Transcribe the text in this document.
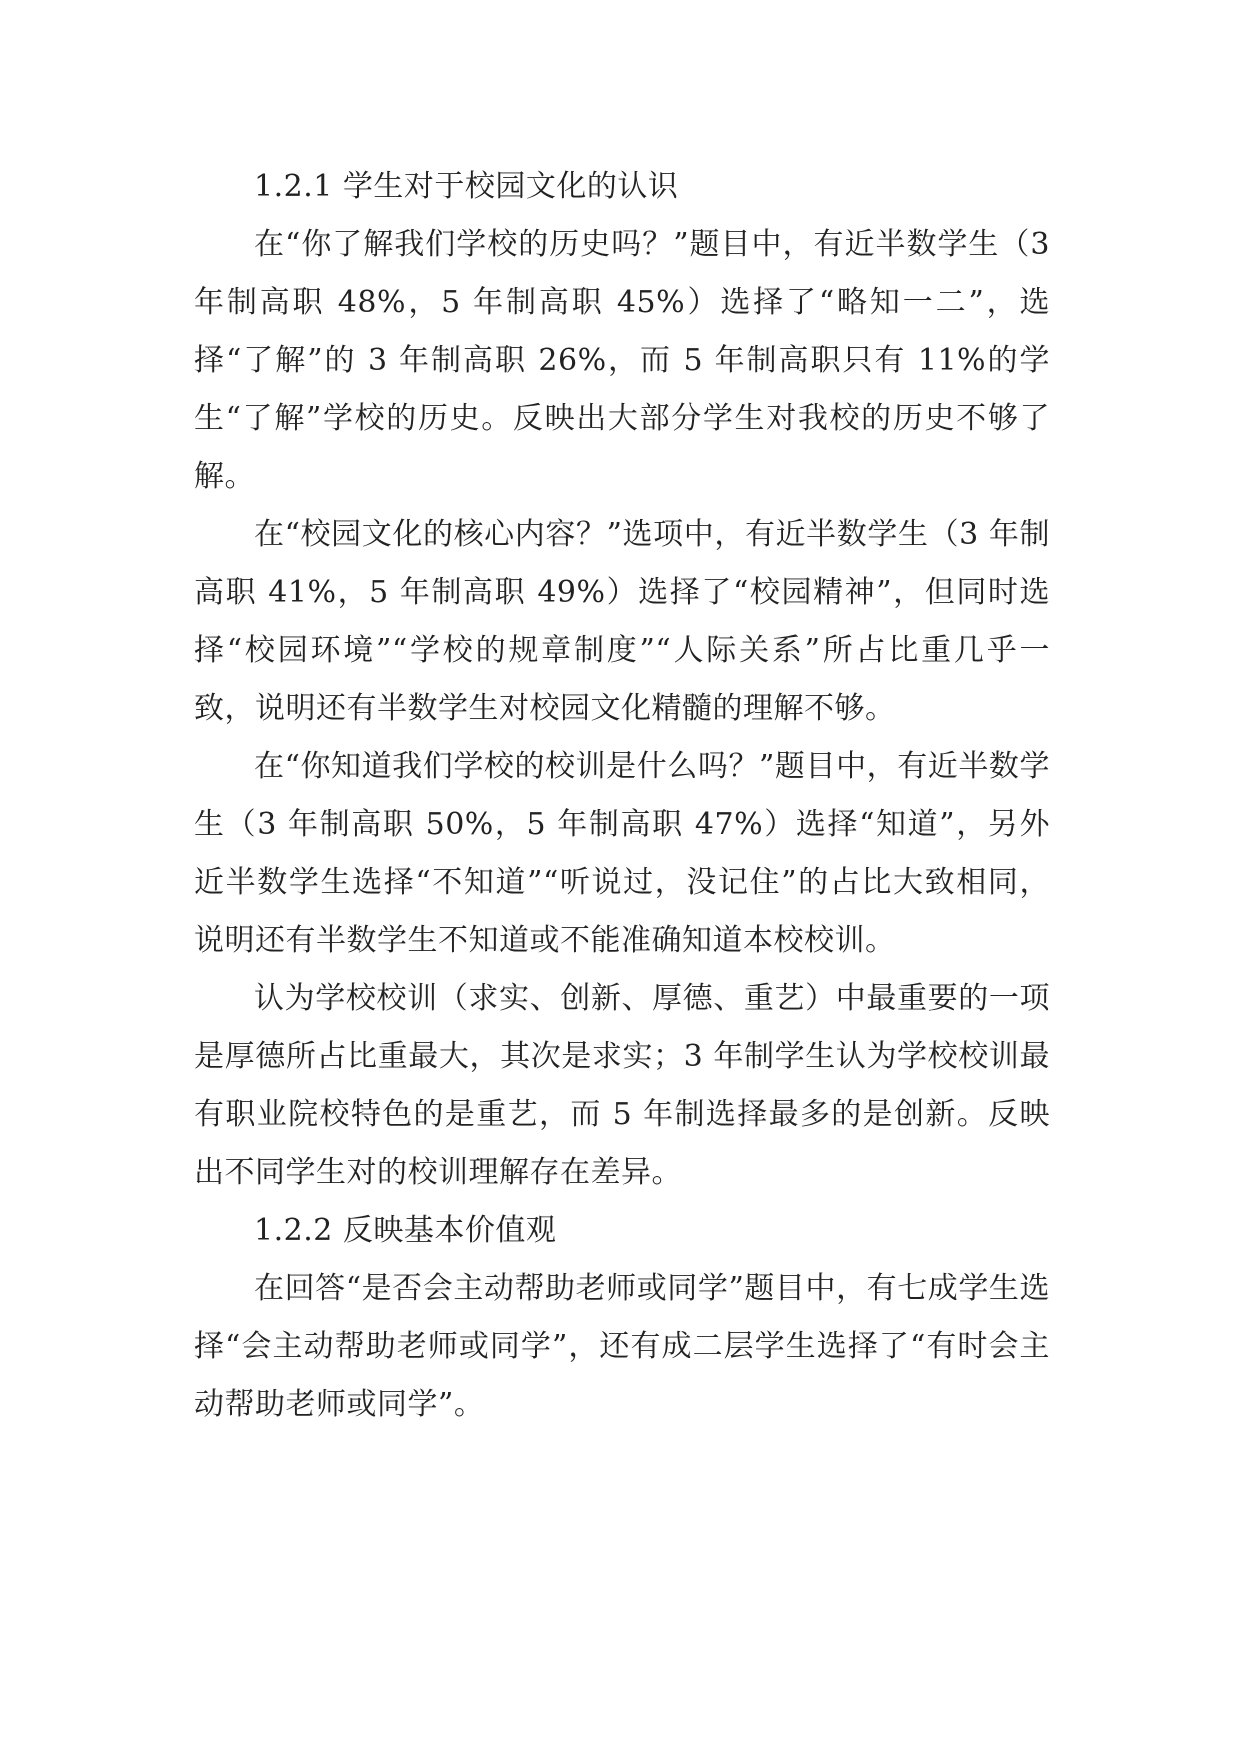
1.2.1 学生对于校园文化的认识

在“你了解我们学校的历史吗？”题目中，有近半数学生（3 年制高职 48%，5 年制高职 45%）选择了“略知一二”，选择“了解”的 3 年制高职 26%，而 5 年制高职只有 11%的学生“了解”学校的历史。反映出大部分学生对我校的历史不够了解。

在“校园文化的核心内容？”选项中，有近半数学生（3 年制高职 41%，5 年制高职 49%）选择了“校园精神”，但同时选择“校园环境”“学校的规章制度”“人际关系”所占比重几乎一致，说明还有半数学生对校园文化精髓的理解不够。

在“你知道我们学校的校训是什么吗？”题目中，有近半数学生（3 年制高职 50%，5 年制高职 47%）选择“知道”，另外近半数学生选择“不知道”“听说过，没记住”的占比大致相同，说明还有半数学生不知道或不能准确知道本校校训。

认为学校校训（求实、创新、厚德、重艺）中最重要的一项是厚德所占比重最大，其次是求实；3 年制学生认为学校校训最有职业院校特色的是重艺，而 5 年制选择最多的是创新。反映出不同学生对的校训理解存在差异。

1.2.2 反映基本价值观

在回答“是否会主动帮助老师或同学”题目中，有七成学生选择“会主动帮助老师或同学”，还有成二层学生选择了“有时会主动帮助老师或同学”。
